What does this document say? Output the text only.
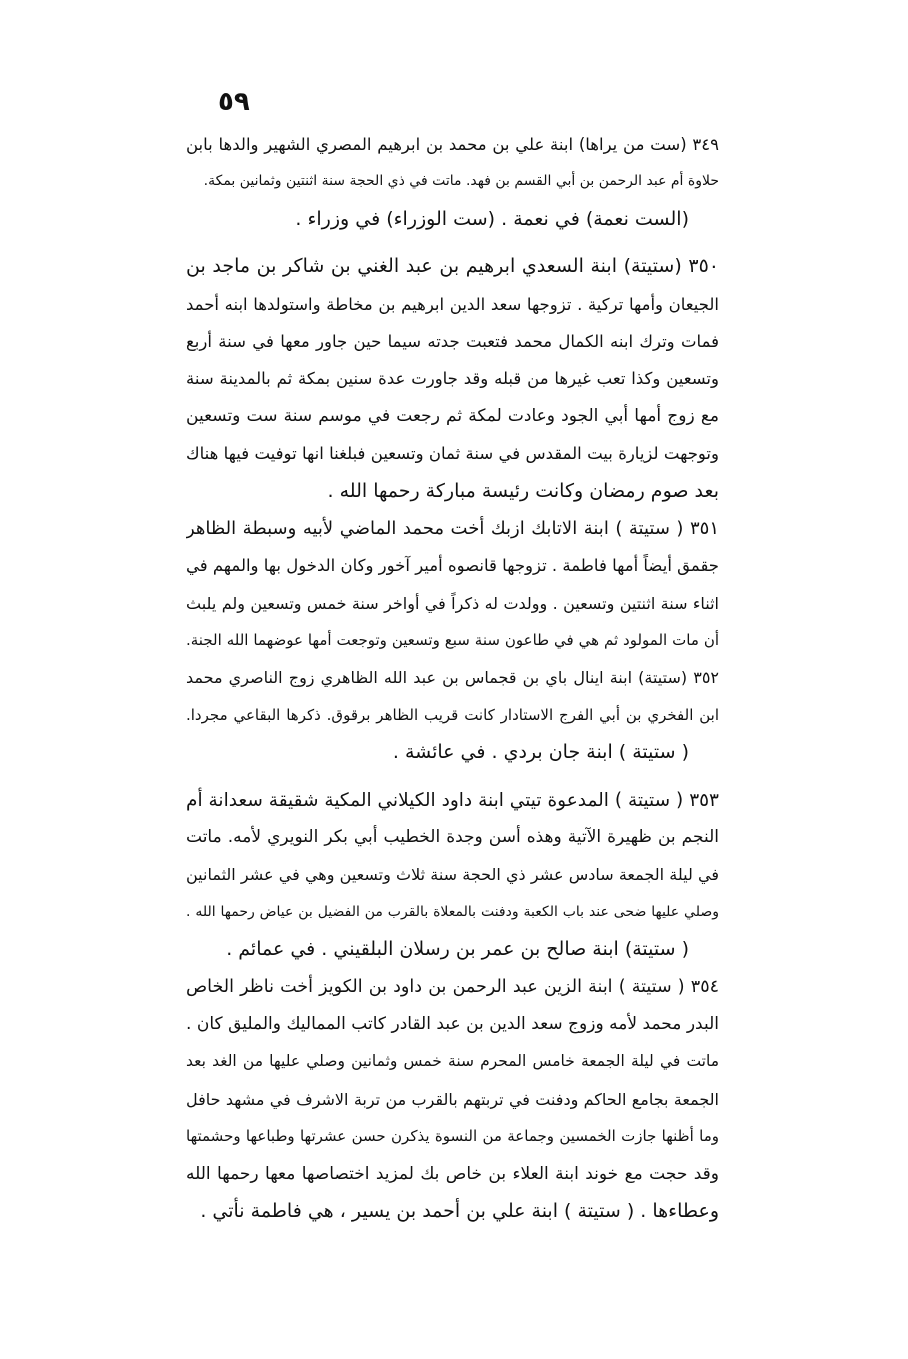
٥٩
٣٤٩ (ست من يراها) ابنة علي بن محمد بن ابرهيم المصري الشهير والدها بابن
حلاوة أم عبد الرحمن بن أبي القسم بن فهد. ماتت في ذي الحجة سنة اثنتين وثمانين بمكة.
(الست نعمة) في نعمة . (ست الوزراء) في وزراء .
٣٥٠ (ستيتة) ابنة السعدي ابرهيم بن عبد الغني بن شاكر بن ماجد بن
الجيعان وأمها تركية . تزوجها سعد الدين ابرهيم بن مخاطة واستولدها ابنه أحمد
فمات وترك ابنه الكمال محمد فتعبت جدته سيما حين جاور معها في سنة أربع
وتسعين وكذا تعب غيرها من قبله وقد جاورت عدة سنين بمكة ثم بالمدينة سنة
مع زوج أمها أبي الجود وعادت لمكة ثم رجعت في موسم سنة ست وتسعين
وتوجهت لزيارة بيت المقدس في سنة ثمان وتسعين فبلغنا انها توفيت فيها هناك
بعد صوم رمضان وكانت رئيسة مباركة رحمها الله .
٣٥١ ( ستيتة ) ابنة الاتابك ازبك أخت محمد الماضي لأبيه وسبطة الظاهر
جقمق أيضاً أمها فاطمة . تزوجها قانصوه أمير آخور وكان الدخول بها والمهم في
اثناء سنة اثنتين وتسعين . وولدت له ذكراً في أواخر سنة خمس وتسعين ولم يلبث
أن مات المولود ثم هي في طاعون سنة سبع وتسعين وتوجعت أمها عوضهما الله الجنة.
٣٥٢ (ستيتة) ابنة اينال باي بن قجماس بن عبد الله الظاهري زوج الناصري محمد
ابن الفخري بن أبي الفرج الاستادار كانت قريب الظاهر برقوق. ذكرها البقاعي مجردا.
( ستيتة ) ابنة جان بردي . في عائشة .
٣٥٣ ( ستيتة ) المدعوة تيتي ابنة داود الكيلاني المكية شقيقة سعدانة أم
النجم بن ظهيرة الآتية وهذه أسن وجدة الخطيب أبي بكر النويري لأمه. ماتت
في ليلة الجمعة سادس عشر ذي الحجة سنة ثلاث وتسعين وهي في عشر الثمانين
وصلي عليها ضحى عند باب الكعبة ودفنت بالمعلاة بالقرب من الفضيل بن عياض رحمها الله .
( ستيتة) ابنة صالح بن عمر بن رسلان البلقيني . في عمائم .
٣٥٤ ( ستيتة ) ابنة الزين عبد الرحمن بن داود بن الكويز أخت ناظر الخاص
البدر محمد لأمه وزوج سعد الدين بن عبد القادر كاتب المماليك والمليق كان .
ماتت في ليلة الجمعة خامس المحرم سنة خمس وثمانين وصلي عليها من الغد بعد
الجمعة بجامع الحاكم ودفنت في تربتهم بالقرب من تربة الاشرف في مشهد حافل
وما أظنها جازت الخمسين وجماعة من النسوة يذكرن حسن عشرتها وطباعها وحشمتها
وقد حجت مع خوند ابنة العلاء بن خاص بك لمزيد اختصاصها معها رحمها الله
وعطاءها . ( ستيتة ) ابنة علي بن أحمد بن يسير ، هي فاطمة نأتي .
